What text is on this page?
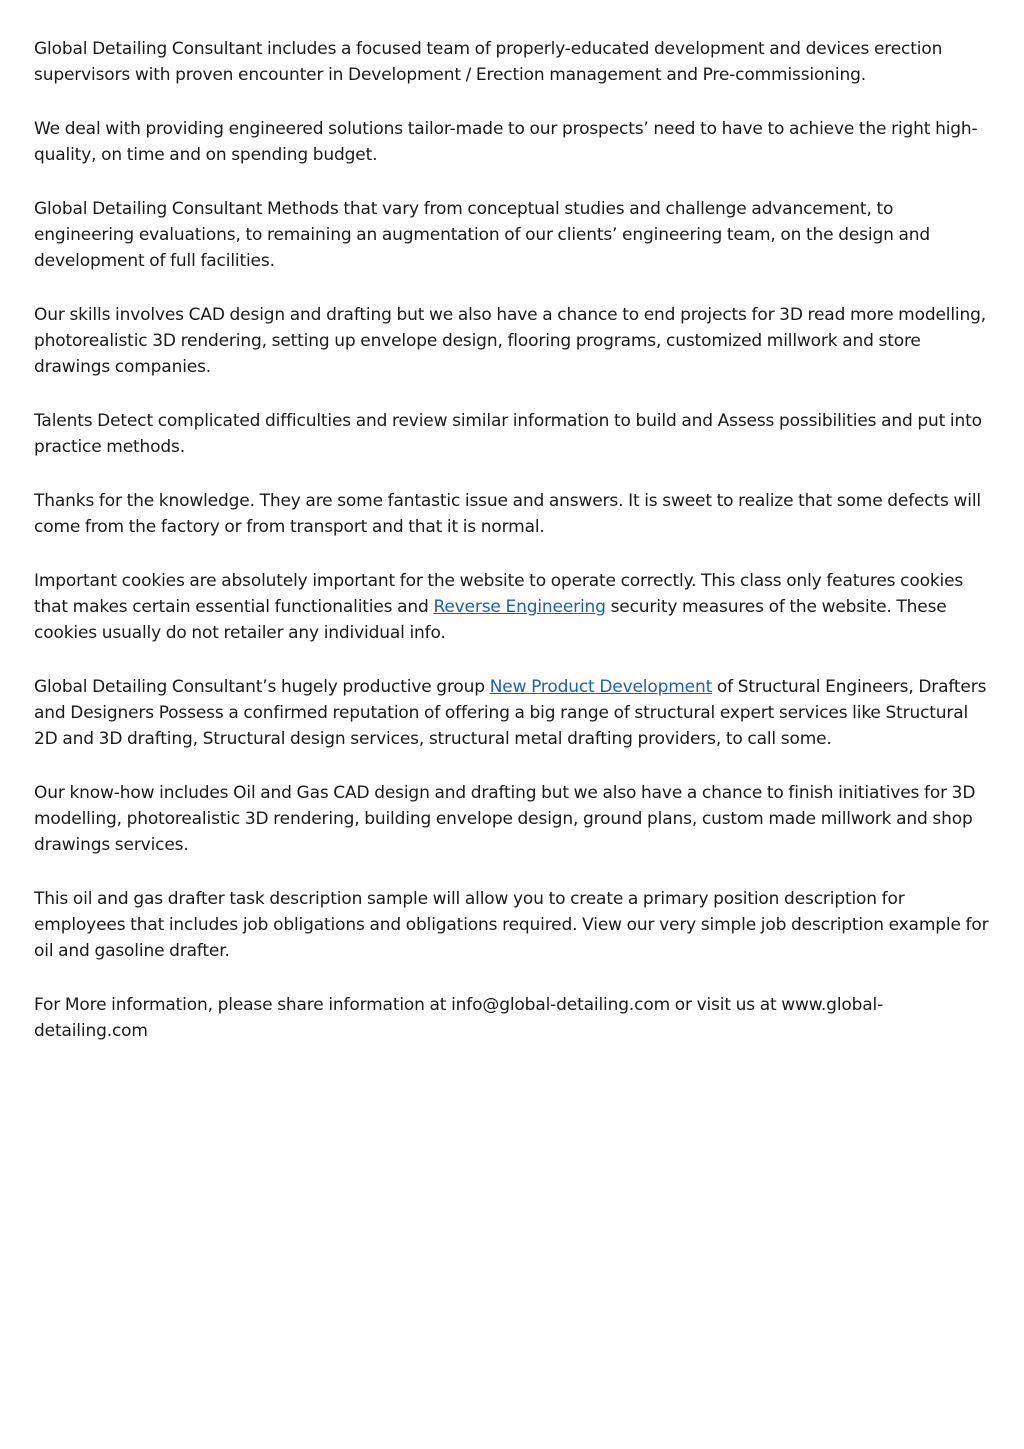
Global Detailing Consultant includes a focused team of properly-educated development and devices erection supervisors with proven encounter in Development / Erection management and Pre-commissioning.

We deal with providing engineered solutions tailor-made to our prospects’ need to have to achieve the right high-quality, on time and on spending budget.

Global Detailing Consultant Methods that vary from conceptual studies and challenge advancement, to engineering evaluations, to remaining an augmentation of our clients’ engineering team, on the design and development of full facilities.

Our skills involves CAD design and drafting but we also have a chance to end projects for 3D read more modelling, photorealistic 3D rendering, setting up envelope design, flooring programs, customized millwork and store drawings companies.

Talents Detect complicated difficulties and review similar information to build and Assess possibilities and put into practice methods.

Thanks for the knowledge. They are some fantastic issue and answers. It is sweet to realize that some defects will come from the factory or from transport and that it is normal.

Important cookies are absolutely important for the website to operate correctly. This class only features cookies that makes certain essential functionalities and Reverse Engineering security measures of the website. These cookies usually do not retailer any individual info.

Global Detailing Consultant’s hugely productive group New Product Development of Structural Engineers, Drafters and Designers Possess a confirmed reputation of offering a big range of structural expert services like Structural 2D and 3D drafting, Structural design services, structural metal drafting providers, to call some.

Our know-how includes Oil and Gas CAD design and drafting but we also have a chance to finish initiatives for 3D modelling, photorealistic 3D rendering, building envelope design, ground plans, custom made millwork and shop drawings services.

This oil and gas drafter task description sample will allow you to create a primary position description for employees that includes job obligations and obligations required. View our very simple job description example for oil and gasoline drafter.

For More information, please share information at info@global-detailing.com or visit us at www.global-detailing.com
